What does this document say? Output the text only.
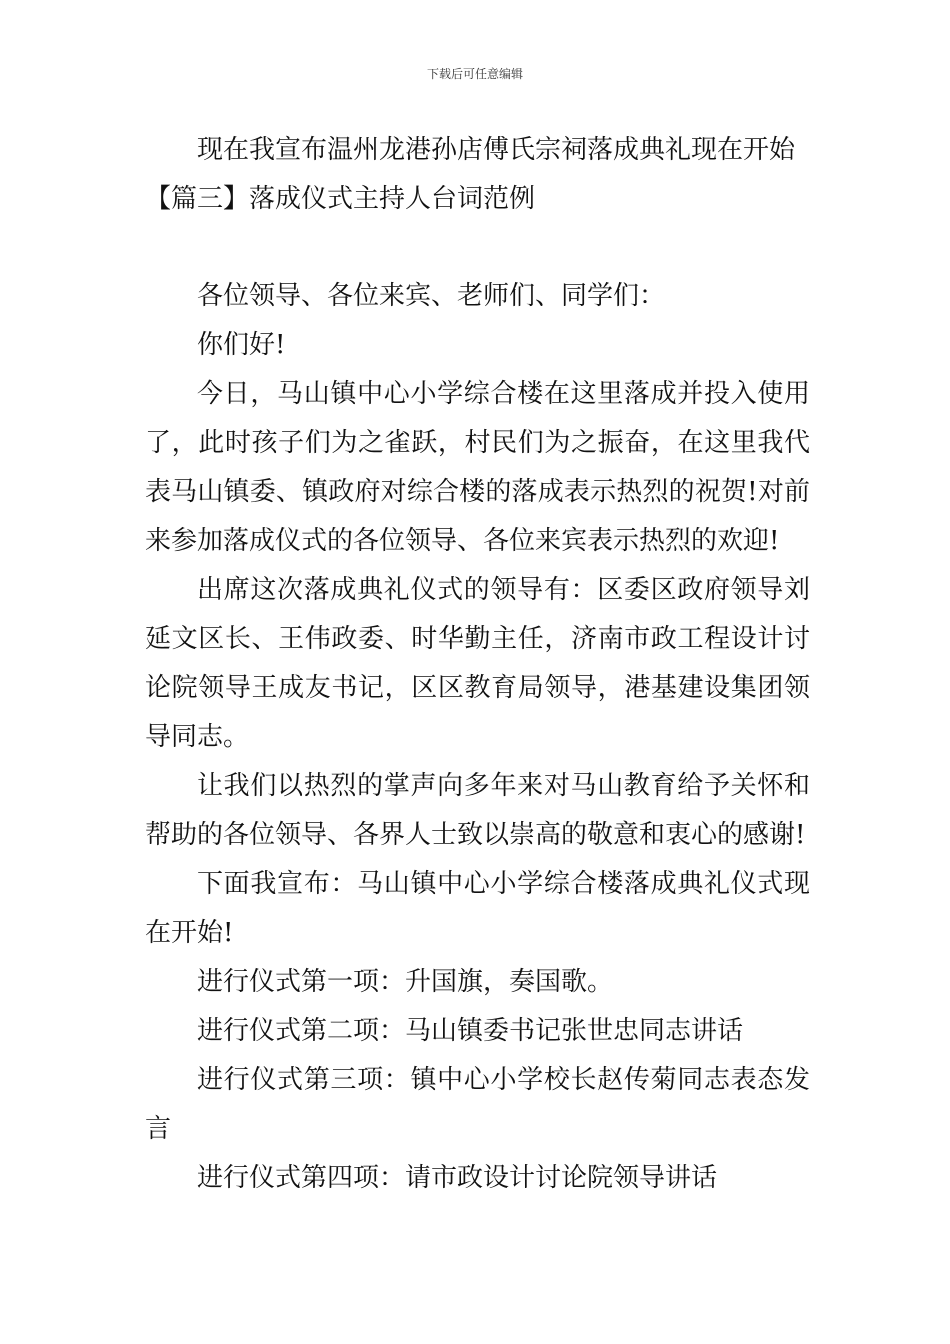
下载后可任意编辑

现在我宣布温州龙港孙店傅氏宗祠落成典礼现在开始

【篇三】落成仪式主持人台词范例

各位领导、各位来宾、老师们、同学们：

你们好!

今日，马山镇中心小学综合楼在这里落成并投入使用了，此时孩子们为之雀跃，村民们为之振奋，在这里我代表马山镇委、镇政府对综合楼的落成表示热烈的祝贺!对前来参加落成仪式的各位领导、各位来宾表示热烈的欢迎!

出席这次落成典礼仪式的领导有：区委区政府领导刘延文区长、王伟政委、时华勤主任，济南市政工程设计讨论院领导王成友书记，区区教育局领导，港基建设集团领导同志。

让我们以热烈的掌声向多年来对马山教育给予关怀和帮助的各位领导、各界人士致以崇高的敬意和衷心的感谢!

下面我宣布：马山镇中心小学综合楼落成典礼仪式现在开始!

进行仪式第一项：升国旗，奏国歌。

进行仪式第二项：马山镇委书记张世忠同志讲话

进行仪式第三项：镇中心小学校长赵传菊同志表态发言

进行仪式第四项：请市政设计讨论院领导讲话
